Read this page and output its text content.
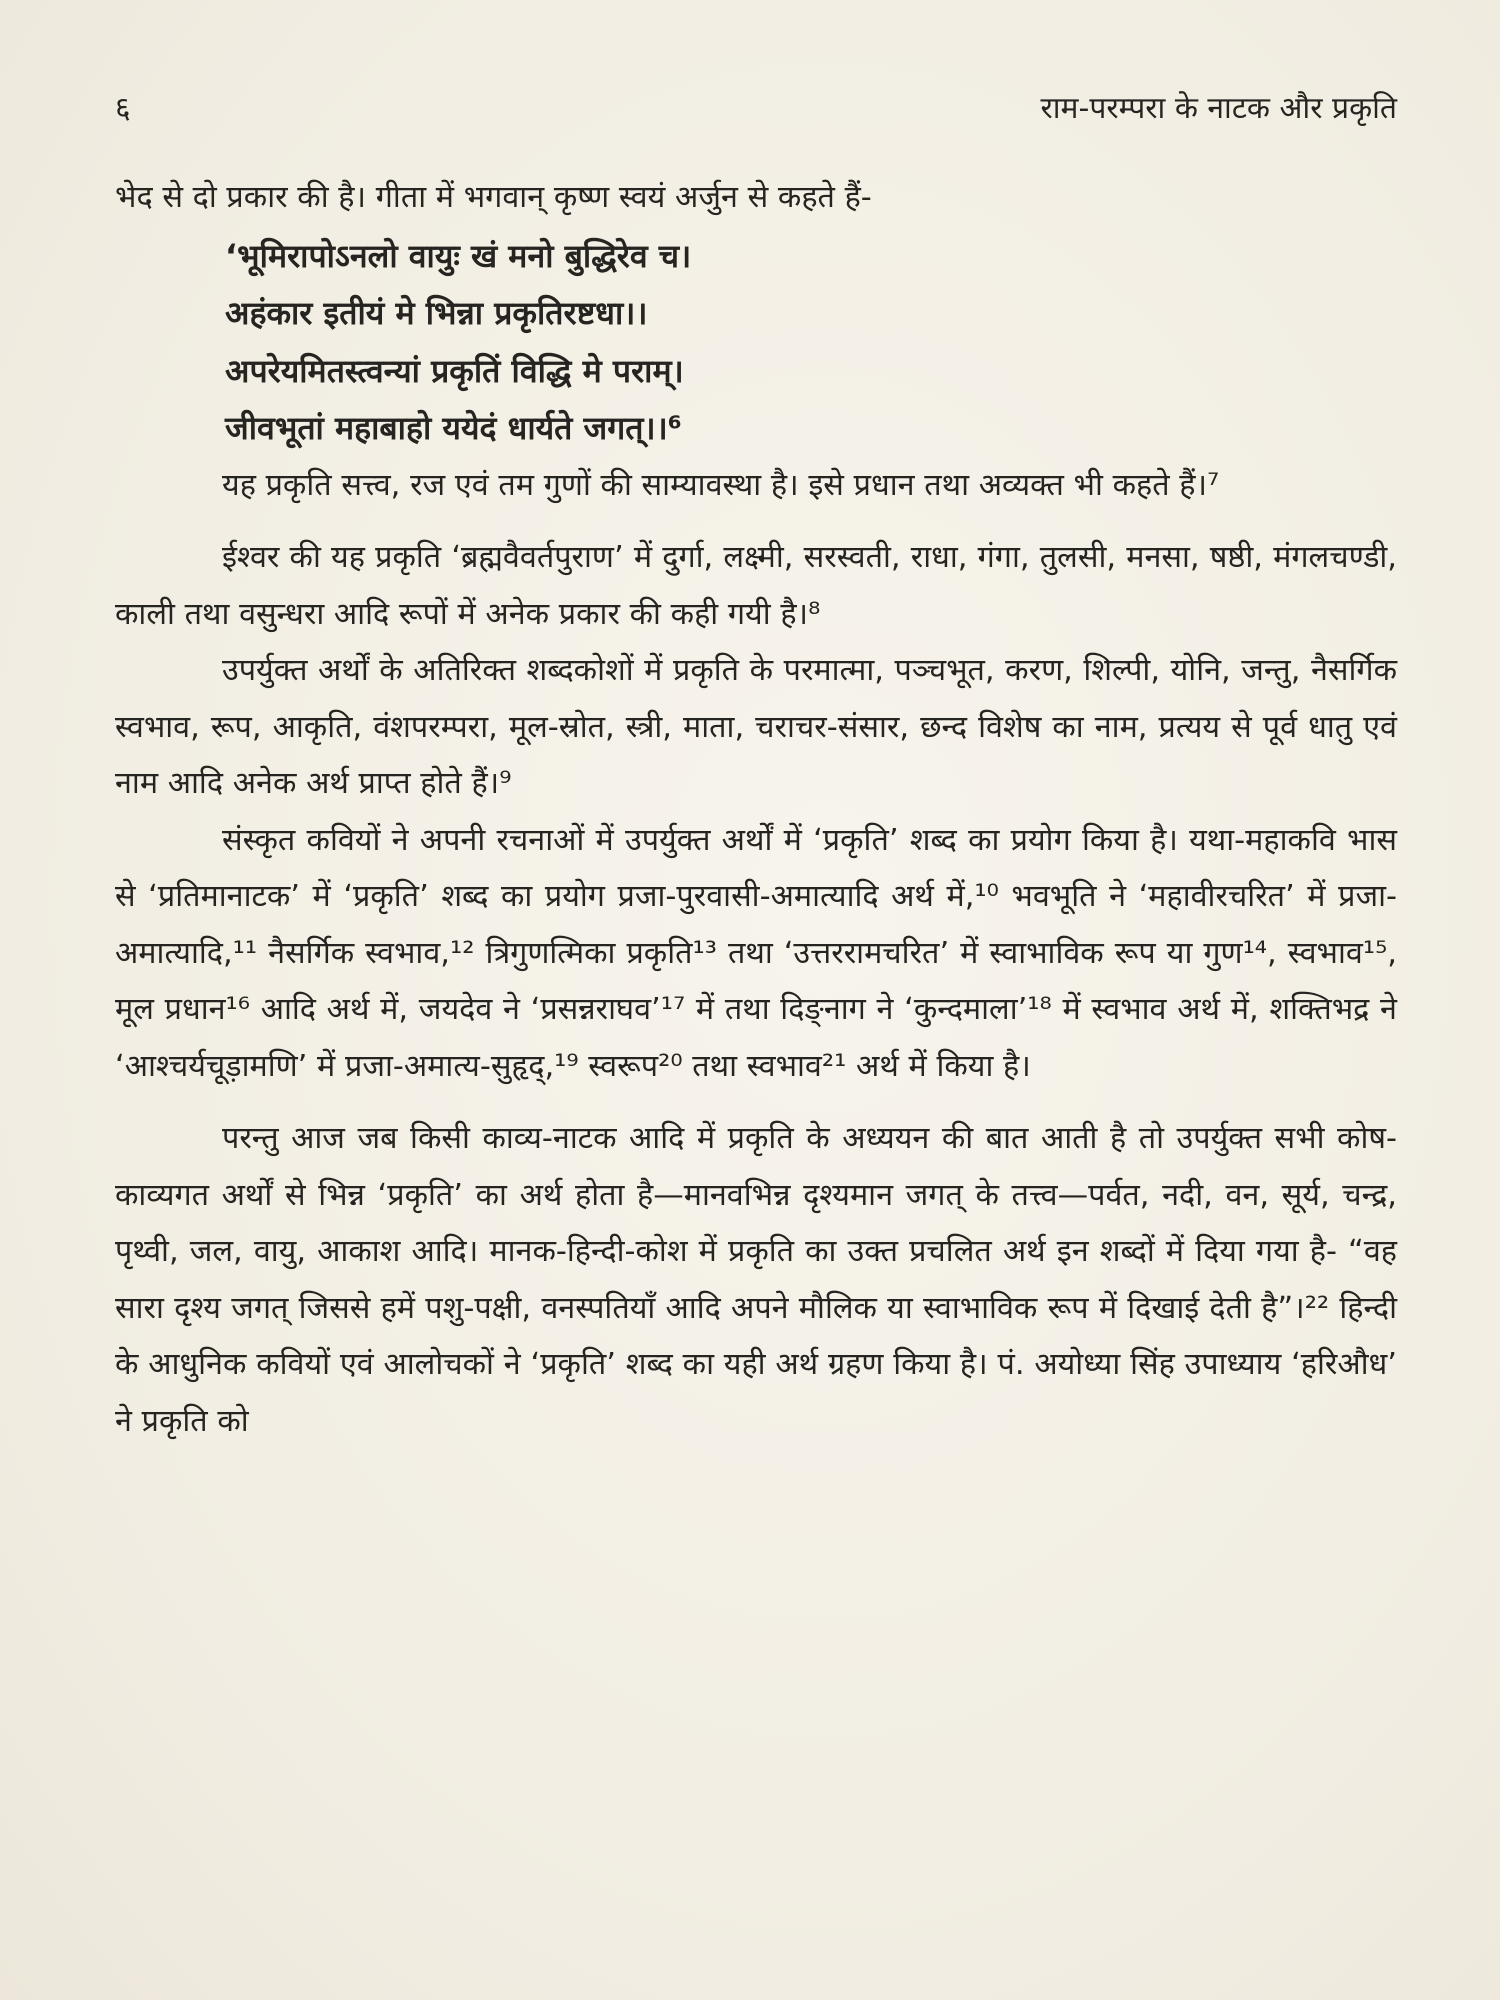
६	राम-परम्परा के नाटक और प्रकृति

भेद से दो प्रकार की है। गीता में भगवान् कृष्ण स्वयं अर्जुन से कहते हैं-

‘भूमिरापोऽनलो वायुः खं मनो बुद्धिरेव च।
अहंकार इतीयं मे भिन्ना प्रकृतिरष्टधा।।
अपरेयमितस्त्वन्यां प्रकृतिं विद्धि मे पराम्।
जीवभूतां महाबाहो ययेदं धार्यते जगत्।।⁶

यह प्रकृति सत्त्व, रज एवं तम गुणों की साम्यावस्था है। इसे प्रधान तथा अव्यक्त भी कहते हैं।⁷

ईश्वर की यह प्रकृति ‘ब्रह्मवैवर्तपुराण’ में दुर्गा, लक्ष्मी, सरस्वती, राधा, गंगा, तुलसी, मनसा, षष्ठी, मंगलचण्डी, काली तथा वसुन्धरा आदि रूपों में अनेक प्रकार की कही गयी है।⁸

उपर्युक्त अर्थों के अतिरिक्त शब्दकोशों में प्रकृति के परमात्मा, पञ्चभूत, करण, शिल्पी, योनि, जन्तु, नैसर्गिक स्वभाव, रूप, आकृति, वंशपरम्परा, मूल-स्रोत, स्त्री, माता, चराचर-संसार, छन्द विशेष का नाम, प्रत्यय से पूर्व धातु एवं नाम आदि अनेक अर्थ प्राप्त होते हैं।⁹

संस्कृत कवियों ने अपनी रचनाओं में उपर्युक्त अर्थों में ‘प्रकृति’ शब्द का प्रयोग किया है। यथा-महाकवि भास से ‘प्रतिमानाटक’ में ‘प्रकृति’ शब्द का प्रयोग प्रजा-पुरवासी-अमात्यादि अर्थ में,¹⁰ भवभूति ने ‘महावीरचरित’ में प्रजा-अमात्यादि,¹¹ नैसर्गिक स्वभाव,¹² त्रिगुणत्मिका प्रकृति¹³ तथा ‘उत्तररामचरित’ में स्वाभाविक रूप या गुण¹⁴, स्वभाव¹⁵, मूल प्रधान¹⁶ आदि अर्थ में, जयदेव ने ‘प्रसन्नराघव’¹⁷ में तथा दिङ्नाग ने ‘कुन्दमाला’¹⁸ में स्वभाव अर्थ में, शक्तिभद्र ने ‘आश्चर्यचूड़ामणि’ में प्रजा-अमात्य-सुहृद्,¹⁹ स्वरूप²⁰ तथा स्वभाव²¹ अर्थ में किया है।

परन्तु आज जब किसी काव्य-नाटक आदि में प्रकृति के अध्ययन की बात आती है तो उपर्युक्त सभी कोष-काव्यगत अर्थों से भिन्न ‘प्रकृति’ का अर्थ होता है—मानवभिन्न दृश्यमान जगत् के तत्त्व—पर्वत, नदी, वन, सूर्य, चन्द्र, पृथ्वी, जल, वायु, आकाश आदि। मानक-हिन्दी-कोश में प्रकृति का उक्त प्रचलित अर्थ इन शब्दों में दिया गया है- “वह सारा दृश्य जगत् जिससे हमें पशु-पक्षी, वनस्पतियाँ आदि अपने मौलिक या स्वाभाविक रूप में दिखाई देती है”।²² हिन्दी के आधुनिक कवियों एवं आलोचकों ने ‘प्रकृति’ शब्द का यही अर्थ ग्रहण किया है। पं. अयोध्या सिंह उपाध्याय ‘हरिऔध’ ने प्रकृति को
